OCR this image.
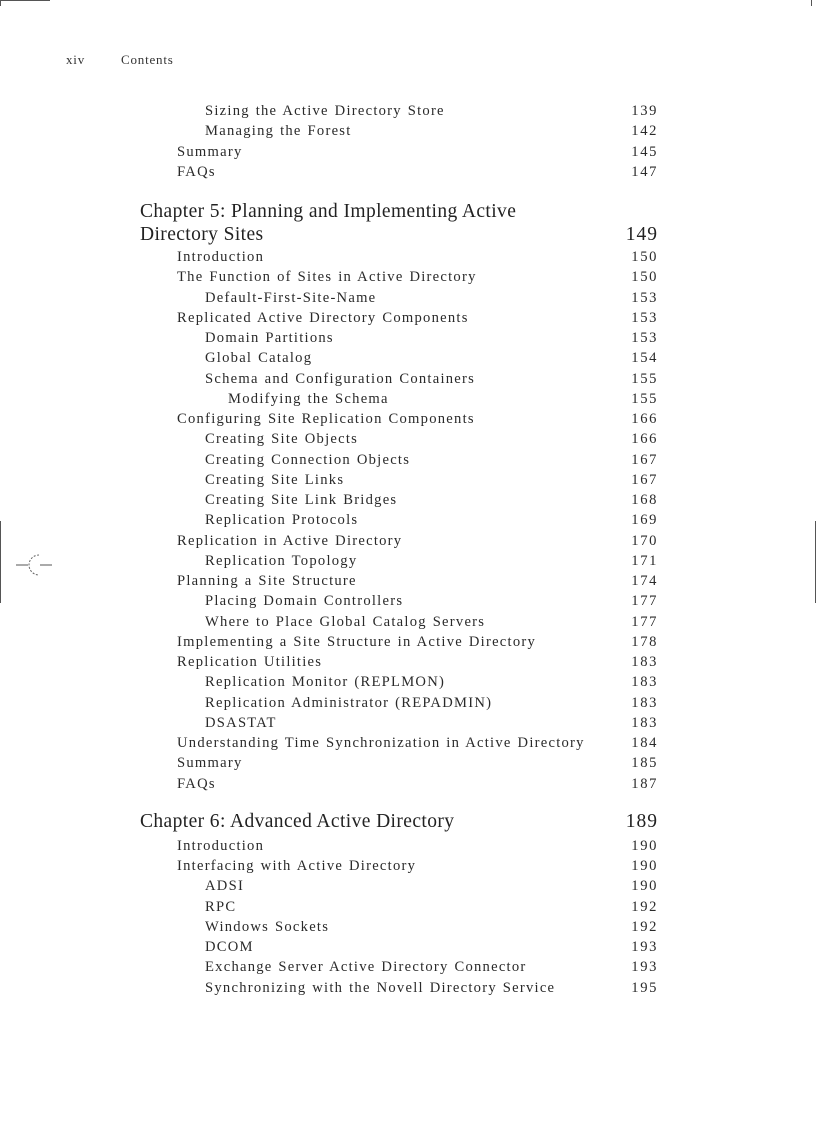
xiv	Contents
Sizing the Active Directory Store	139
Managing the Forest	142
Summary	145
FAQs	147
Chapter 5: Planning and Implementing Active
Directory Sites	149
Introduction	150
The Function of Sites in Active Directory	150
Default-First-Site-Name	153
Replicated Active Directory Components	153
Domain Partitions	153
Global Catalog	154
Schema and Configuration Containers	155
Modifying the Schema	155
Configuring Site Replication Components	166
Creating Site Objects	166
Creating Connection Objects	167
Creating Site Links	167
Creating Site Link Bridges	168
Replication Protocols	169
Replication in Active Directory	170
Replication Topology	171
Planning a Site Structure	174
Placing Domain Controllers	177
Where to Place Global Catalog Servers	177
Implementing a Site Structure in Active Directory	178
Replication Utilities	183
Replication Monitor (REPLMON)	183
Replication Administrator (REPADMIN)	183
DSASTAT	183
Understanding Time Synchronization in Active Directory	184
Summary	185
FAQs	187
Chapter 6: Advanced Active Directory	189
Introduction	190
Interfacing with Active Directory	190
ADSI	190
RPC	192
Windows Sockets	192
DCOM	193
Exchange Server Active Directory Connector	193
Synchronizing with the Novell Directory Service	195
